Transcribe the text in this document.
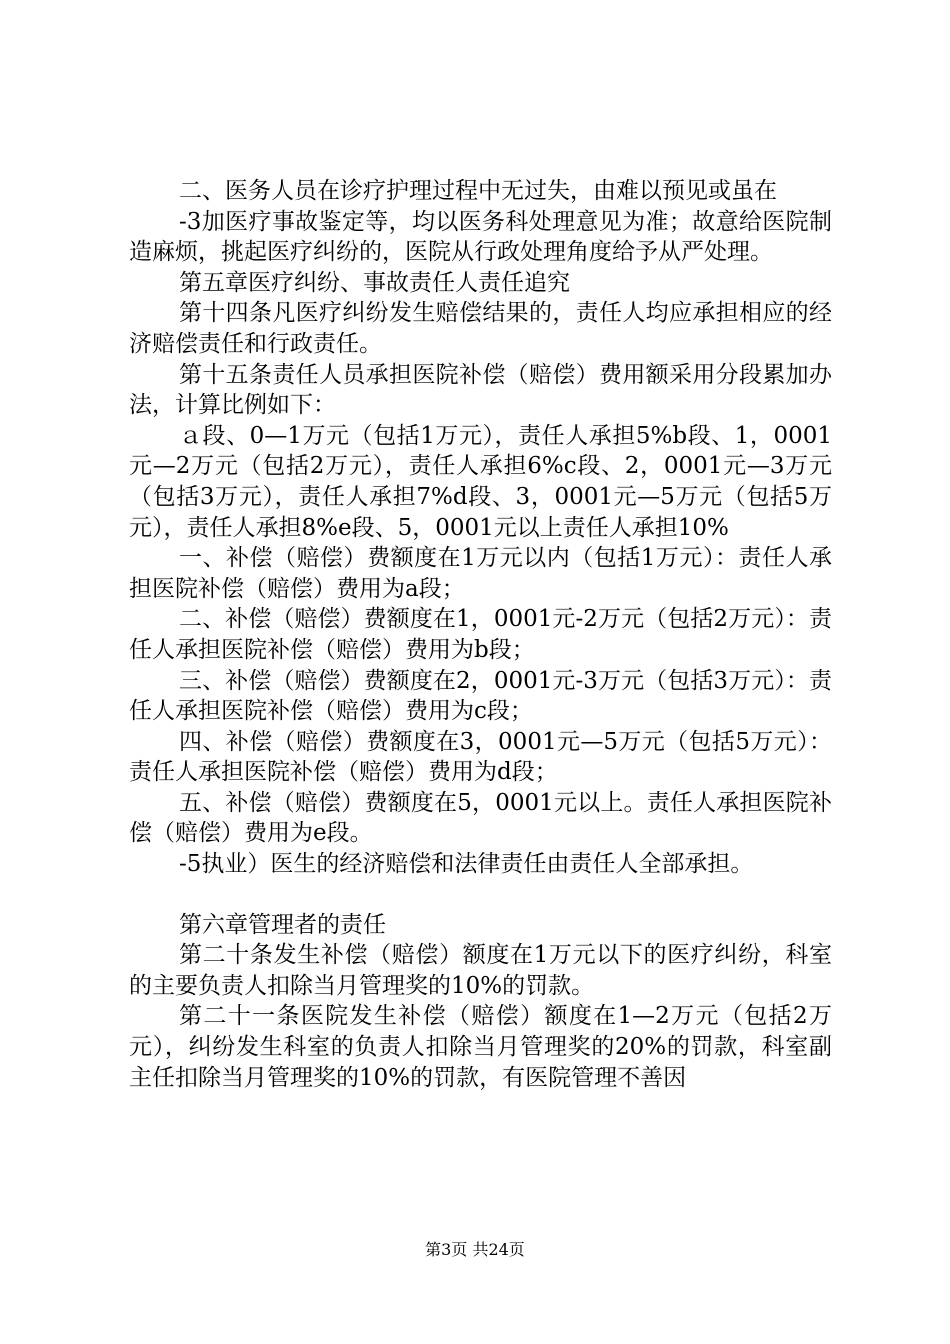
二、医务人员在诊疗护理过程中无过失，由难以预见或虽在

-3加医疗事故鉴定等，均以医务科处理意见为准；故意给医院制造麻烦，挑起医疗纠纷的，医院从行政处理角度给予从严处理。

第五章医疗纠纷、事故责任人责任追究

第十四条凡医疗纠纷发生赔偿结果的，责任人均应承担相应的经济赔偿责任和行政责任。

第十五条责任人员承担医院补偿（赔偿）费用额采用分段累加办法，计算比例如下：

ａ段、0—1万元（包括1万元），责任人承担5%b段、1，0001元—2万元（包括2万元），责任人承担6%c段、2，0001元—3万元（包括3万元），责任人承担7%d段、3，0001元—5万元（包括5万元），责任人承担8%e段、5，0001元以上责任人承担10%

一、补偿（赔偿）费额度在1万元以内（包括1万元）：责任人承担医院补偿（赔偿）费用为a段；

二、补偿（赔偿）费额度在1，0001元-2万元（包括2万元）：责任人承担医院补偿（赔偿）费用为b段；

三、补偿（赔偿）费额度在2，0001元-3万元（包括3万元）：责任人承担医院补偿（赔偿）费用为c段；

四、补偿（赔偿）费额度在3，0001元—5万元（包括5万元）：责任人承担医院补偿（赔偿）费用为d段；

五、补偿（赔偿）费额度在5，0001元以上。责任人承担医院补偿（赔偿）费用为e段。

-5执业）医生的经济赔偿和法律责任由责任人全部承担。

第六章管理者的责任

第二十条发生补偿（赔偿）额度在1万元以下的医疗纠纷，科室的主要负责人扣除当月管理奖的10%的罚款。

第二十一条医院发生补偿（赔偿）额度在1—2万元（包括2万元），纠纷发生科室的负责人扣除当月管理奖的20%的罚款，科室副主任扣除当月管理奖的10%的罚款，有医院管理不善因

第3页 共24页
